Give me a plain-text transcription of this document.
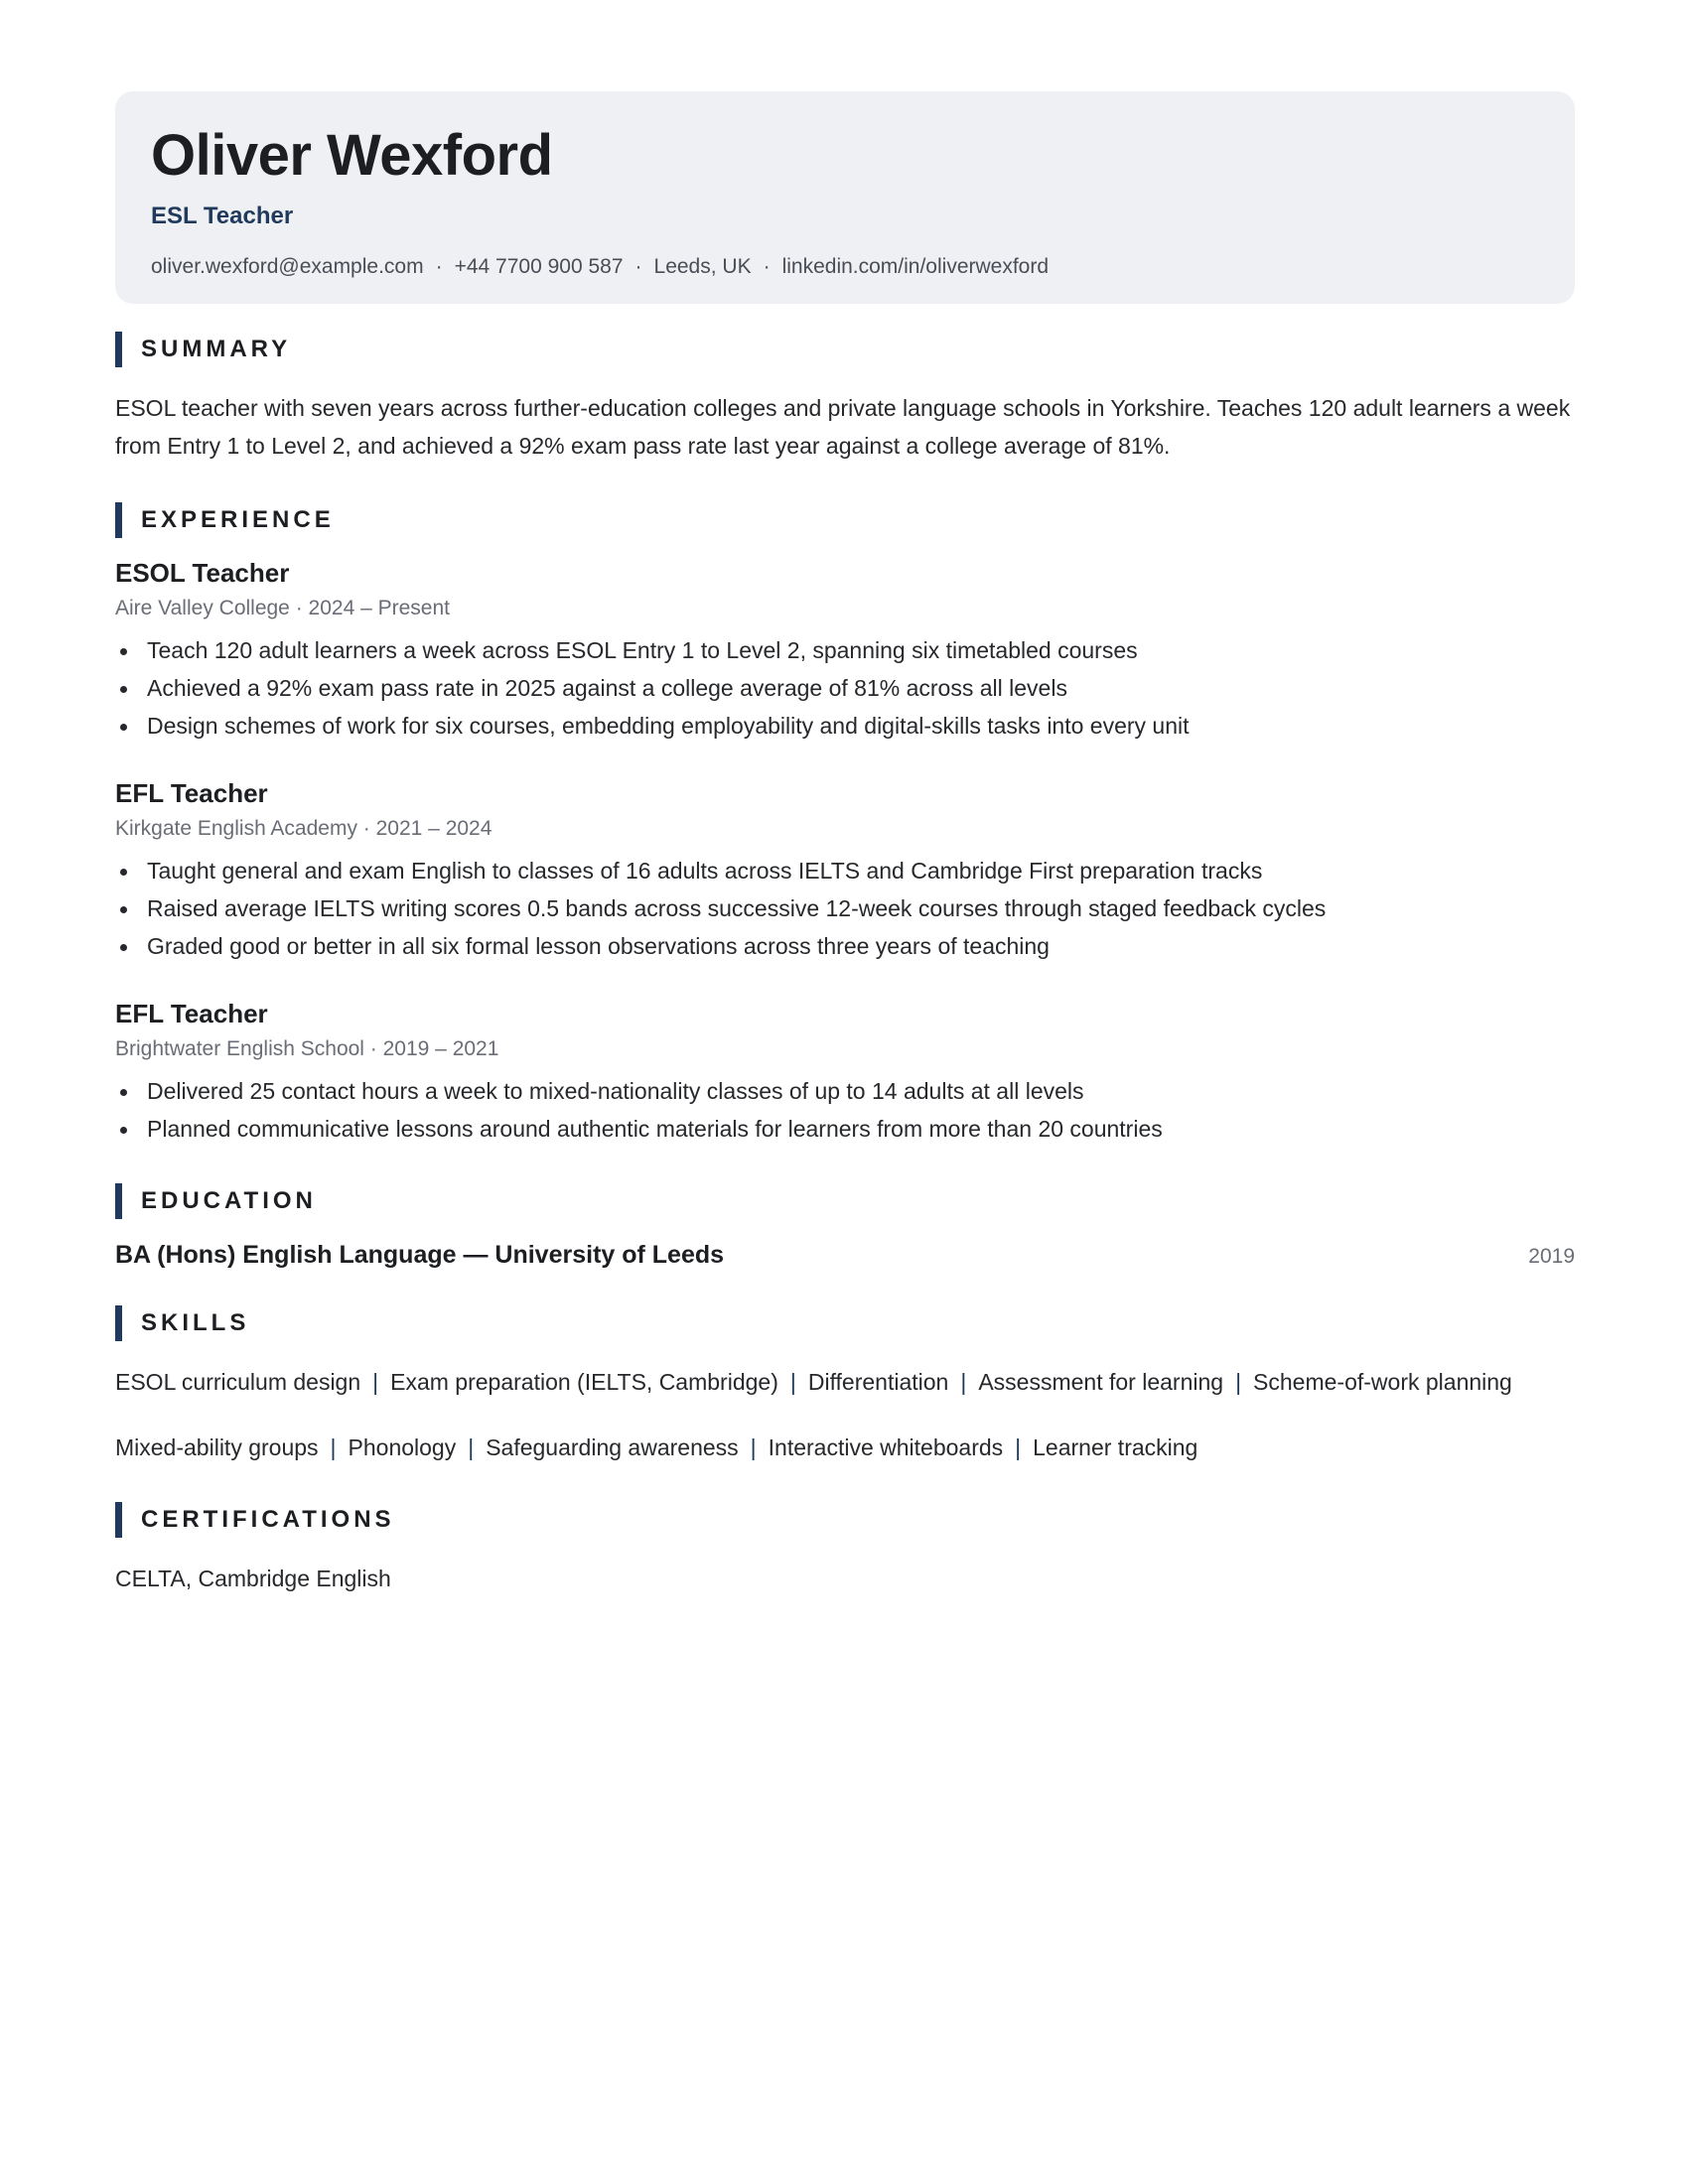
Oliver Wexford
ESL Teacher
oliver.wexford@example.com · +44 7700 900 587 · Leeds, UK · linkedin.com/in/oliverwexford
SUMMARY
ESOL teacher with seven years across further-education colleges and private language schools in Yorkshire. Teaches 120 adult learners a week from Entry 1 to Level 2, and achieved a 92% exam pass rate last year against a college average of 81%.
EXPERIENCE
ESOL Teacher
Aire Valley College · 2024 – Present
Teach 120 adult learners a week across ESOL Entry 1 to Level 2, spanning six timetabled courses
Achieved a 92% exam pass rate in 2025 against a college average of 81% across all levels
Design schemes of work for six courses, embedding employability and digital-skills tasks into every unit
EFL Teacher
Kirkgate English Academy · 2021 – 2024
Taught general and exam English to classes of 16 adults across IELTS and Cambridge First preparation tracks
Raised average IELTS writing scores 0.5 bands across successive 12-week courses through staged feedback cycles
Graded good or better in all six formal lesson observations across three years of teaching
EFL Teacher
Brightwater English School · 2019 – 2021
Delivered 25 contact hours a week to mixed-nationality classes of up to 14 adults at all levels
Planned communicative lessons around authentic materials for learners from more than 20 countries
EDUCATION
BA (Hons) English Language — University of Leeds	2019
SKILLS
ESOL curriculum design | Exam preparation (IELTS, Cambridge) | Differentiation | Assessment for learning | Scheme-of-work planning
Mixed-ability groups | Phonology | Safeguarding awareness | Interactive whiteboards | Learner tracking
CERTIFICATIONS
CELTA, Cambridge English
